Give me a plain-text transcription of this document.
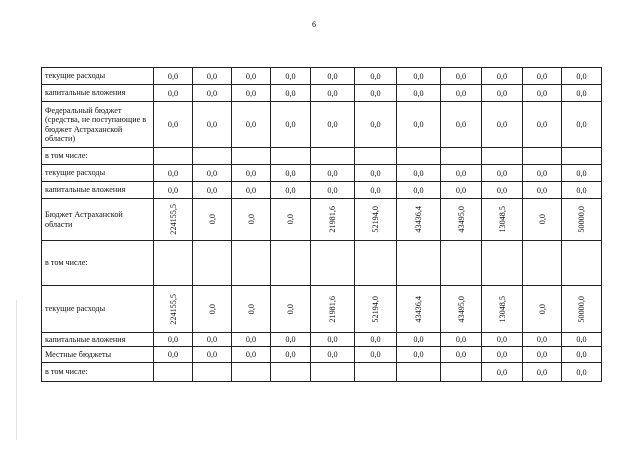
6
текущие расходы	0,0	0,0	0,0	0,0	0,0	0,0	0,0	0,0	0,0	0,0	0,0
капитальные вложения	0,0	0,0	0,0	0,0	0,0	0,0	0,0	0,0	0,0	0,0	0,0
Федеральный бюджет (средства, не поступающие в бюджет Астраханской области)	0,0	0,0	0,0	0,0	0,0	0,0	0,0	0,0	0,0	0,0	0,0
в том числе:											
текущие расходы	0,0	0,0	0,0	0,0	0,0	0,0	0,0	0,0	0,0	0,0	0,0
капитальные вложения	0,0	0,0	0,0	0,0	0,0	0,0	0,0	0,0	0,0	0,0	0,0
Бюджет Астраханской области	224155,5	0,0	0,0	0,0	21981,6	52194,0	43436,4	43495,0	13048,5	0,0	50000,0

в том числе:											
текущие расходы	224155,5	0,0	0,0	0,0	21981,6	52194,0	43436,4	43495,0	13048,5	0,0	50000,0

капитальные вложения	0,0	0,0	0,0	0,0	0,0	0,0	0,0	0,0	0,0	0,0	0,0
Местные бюджеты	0,0	0,0	0,0	0,0	0,0	0,0	0,0	0,0	0,0	0,0	0,0
в том числе:									0,0	0,0	0,0
